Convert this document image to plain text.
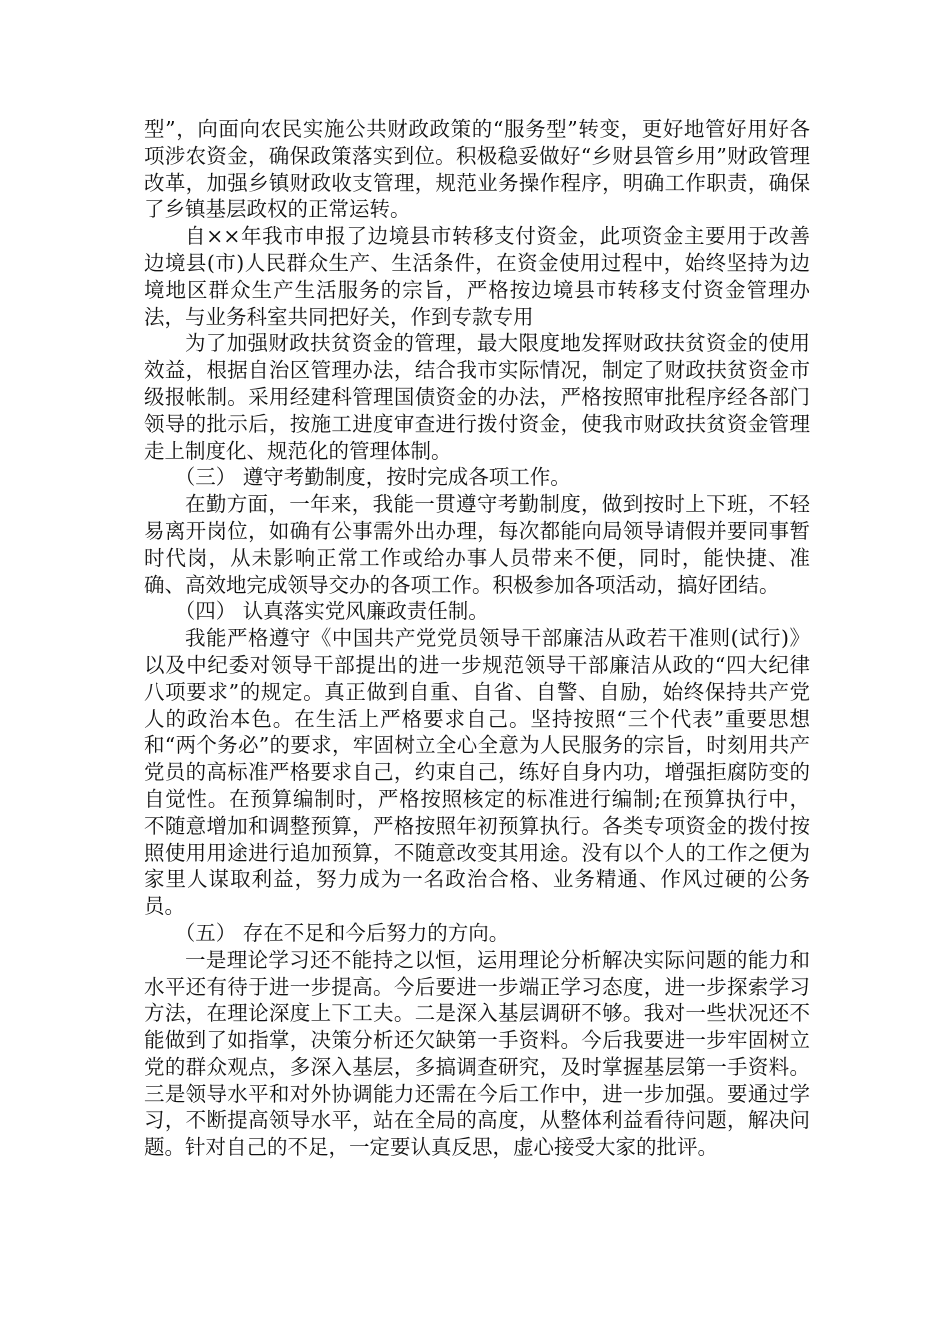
型”，向面向农民实施公共财政政策的“服务型”转变，更好地管好用好各项涉农资金，确保政策落实到位。积极稳妥做好“乡财县管乡用”财政管理改革，加强乡镇财政收支管理，规范业务操作程序，明确工作职责，确保了乡镇基层政权的正常运转。

自××年我市申报了边境县市转移支付资金，此项资金主要用于改善边境县(市)人民群众生产、生活条件，在资金使用过程中，始终坚持为边境地区群众生产生活服务的宗旨，严格按边境县市转移支付资金管理办法，与业务科室共同把好关，作到专款专用

为了加强财政扶贫资金的管理，最大限度地发挥财政扶贫资金的使用效益，根据自治区管理办法，结合我市实际情况，制定了财政扶贫资金市级报帐制。采用经建科管理国债资金的办法，严格按照审批程序经各部门领导的批示后，按施工进度审查进行拨付资金，使我市财政扶贫资金管理走上制度化、规范化的管理体制。

（三） 遵守考勤制度，按时完成各项工作。

在勤方面，一年来，我能一贯遵守考勤制度，做到按时上下班，不轻易离开岗位，如确有公事需外出办理，每次都能向局领导请假并要同事暂时代岗，从未影响正常工作或给办事人员带来不便，同时，能快捷、准确、高效地完成领导交办的各项工作。积极参加各项活动，搞好团结。

（四） 认真落实党风廉政责任制。

我能严格遵守《中国共产党党员领导干部廉洁从政若干准则(试行)》以及中纪委对领导干部提出的进一步规范领导干部廉洁从政的“四大纪律八项要求”的规定。真正做到自重、自省、自警、自励，始终保持共产党人的政治本色。在生活上严格要求自己。坚持按照“三个代表”重要思想和“两个务必”的要求，牢固树立全心全意为人民服务的宗旨，时刻用共产党员的高标准严格要求自己，约束自己，练好自身内功，增强拒腐防变的自觉性。在预算编制时，严格按照核定的标准进行编制;在预算执行中， 不随意增加和调整预算，严格按照年初预算执行。各类专项资金的拨付按照使用用途进行追加预算，不随意改变其用途。没有以个人的工作之便为家里人谋取利益，努力成为一名政治合格、业务精通、作风过硬的公务员。

（五） 存在不足和今后努力的方向。

一是理论学习还不能持之以恒，运用理论分析解决实际问题的能力和水平还有待于进一步提高。今后要进一步端正学习态度，进一步探索学习方法，在理论深度上下工夫。二是深入基层调研不够。我对一些状况还不能做到了如指掌，决策分析还欠缺第一手资料。今后我要进一步牢固树立党的群众观点，多深入基层，多搞调查研究，及时掌握基层第一手资料。三是领导水平和对外协调能力还需在今后工作中，进一步加强。要通过学习，不断提高领导水平，站在全局的高度，从整体利益看待问题，解决问题。针对自己的不足，一定要认真反思，虚心接受大家的批评。
